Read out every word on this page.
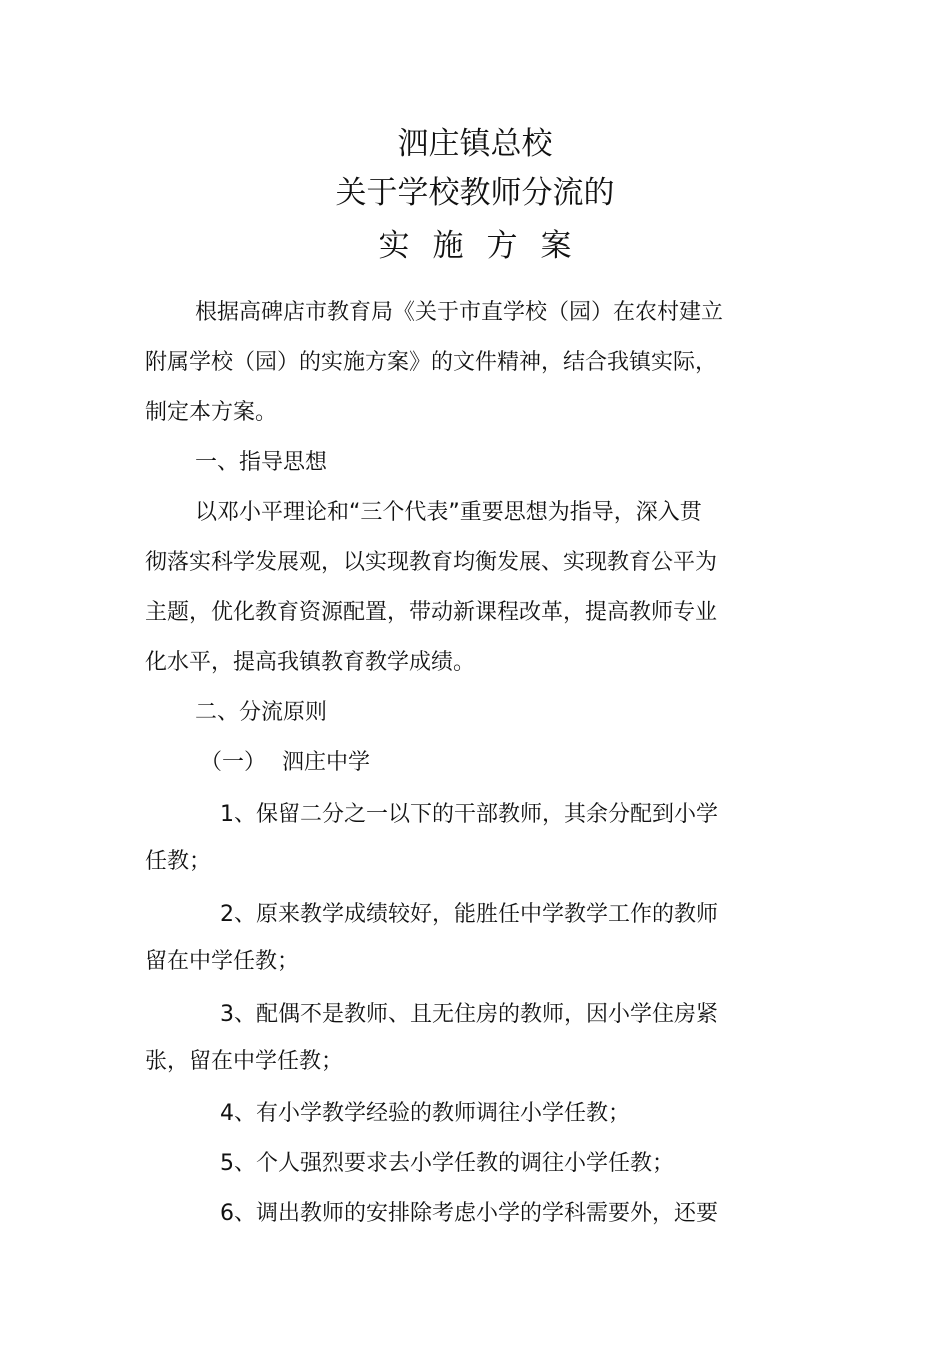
泗庄镇总校
关于学校教师分流的
实施方案
根据高碑店市教育局《关于市直学校（园）在农村建立
附属学校（园）的实施方案》的文件精神，结合我镇实际，
制定本方案。
一、指导思想
以邓小平理论和“三个代表”重要思想为指导，深入贯
彻落实科学发展观，以实现教育均衡发展、实现教育公平为
主题，优化教育资源配置，带动新课程改革，提高教师专业
化水平，提高我镇教育教学成绩。
二、分流原则
（一） 泗庄中学
1、保留二分之一以下的干部教师，其余分配到小学
任教；
2、原来教学成绩较好，能胜任中学教学工作的教师
留在中学任教；
3、配偶不是教师、且无住房的教师，因小学住房紧
张，留在中学任教；
4、有小学教学经验的教师调往小学任教；
5、个人强烈要求去小学任教的调往小学任教；
6、调出教师的安排除考虑小学的学科需要外，还要
